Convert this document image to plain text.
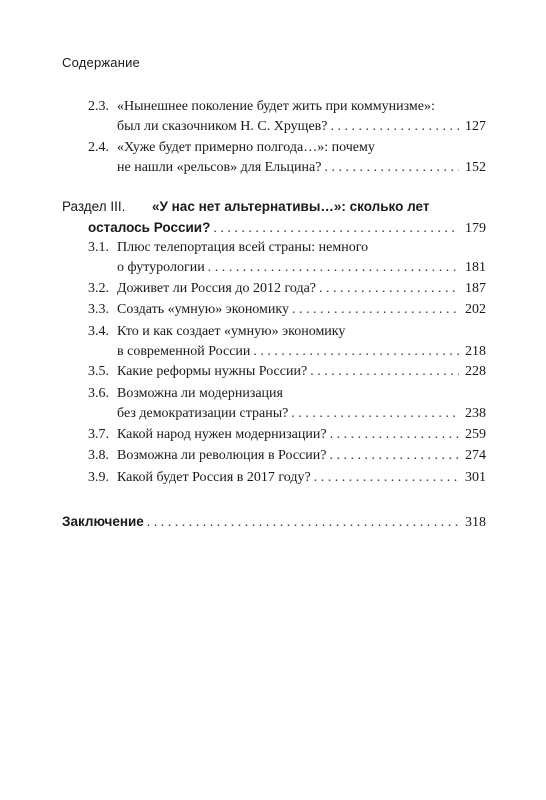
Содержание
2.3. «Нынешнее поколение будет жить при коммунизме»:
был ли сказочником Н. С. Хрущев? . . .	127
2.4. «Хуже будет примерно полгода…»: почему
не нашли «рельсов» для Ельцина? . . .	152
Раздел III.	«У нас нет альтернативы…»: сколько лет
осталось России? . . .	179
3.1. Плюс телепортация всей страны: немного
о футурологии . . .	181
3.2. Доживет ли Россия до 2012 года? . . .	187
3.3. Создать «умную» экономику . . .	202
3.4. Кто и как создает «умную» экономику
в современной России . . .	218
3.5. Какие реформы нужны России? . . .	228
3.6. Возможна ли модернизация
без демократизации страны? . . .	238
3.7. Какой народ нужен модернизации? . . .	259
3.8. Возможна ли революция в России? . . .	274
3.9. Какой будет Россия в 2017 году? . . .	301
Заключение . . .	318
